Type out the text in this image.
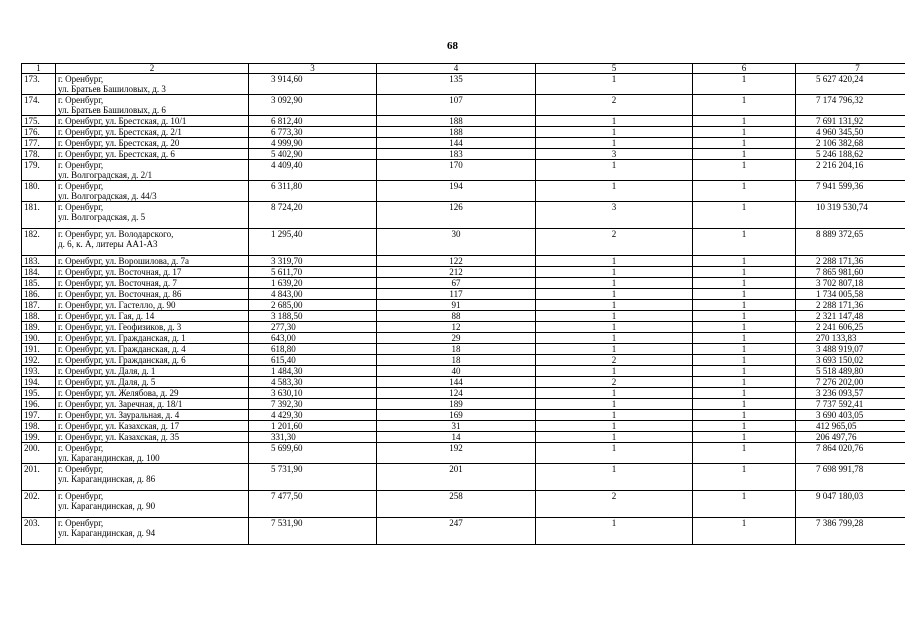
68
1	2	3	4	5	6	7
173.	г. Оренбург,
ул. Братьев Башиловых, д. 3	3 914,60	135	1	1	5 627 420,24
174.	г. Оренбург,
ул. Братьев Башиловых, д. 6	3 092,90	107	2	1	7 174 796,32
175.	г. Оренбург, ул. Брестская, д. 10/1	6 812,40	188	1	1	7 691 131,92
176.	г. Оренбург, ул. Брестская, д. 2/1	6 773,30	188	1	1	4 960 345,50
177.	г. Оренбург, ул. Брестская, д. 20	4 999,90	144	1	1	2 106 382,68
178.	г. Оренбург, ул. Брестская, д. 6	5 402,90	183	3	1	5 246 188,62
179.	г. Оренбург,
ул. Волгоградская, д. 2/1	4 409,40	170	1	1	2 216 204,16
180.	г. Оренбург,
ул. Волгоградская, д. 44/3	6 311,80	194	1	1	7 941 599,36
181.	г. Оренбург,
ул. Волгоградская, д. 5	8 724,20	126	3	1	10 319 530,74
182.	г. Оренбург, ул. Володарского,
д. 6, к. А, литеры АА1-А3	1 295,40	30	2	1	8 889 372,65
183.	г. Оренбург, ул. Ворошилова, д. 7а	3 319,70	122	1	1	2 288 171,36
184.	г. Оренбург, ул. Восточная, д. 17	5 611,70	212	1	1	7 865 981,60
185.	г. Оренбург, ул. Восточная, д. 7	1 639,20	67	1	1	3 702 807,18
186.	г. Оренбург, ул. Восточная, д. 86	4 843,00	117	1	1	1 734 005,58
187.	г. Оренбург, ул. Гастелло, д. 90	2 685,00	91	1	1	2 288 171,36
188.	г. Оренбург, ул. Гая, д. 14	3 188,50	88	1	1	2 321 147,48
189.	г. Оренбург, ул. Геофизиков, д. 3	277,30	12	1	1	2 241 606,25
190.	г. Оренбург, ул. Гражданская, д. 1	643,00	29	1	1	270 133,83
191.	г. Оренбург, ул. Гражданская, д. 4	618,80	18	1	1	3 488 919,07
192.	г. Оренбург, ул. Гражданская, д. 6	615,40	18	2	1	3 693 150,02
193.	г. Оренбург, ул. Даля, д. 1	1 484,30	40	1	1	5 518 489,80
194.	г. Оренбург, ул. Даля, д. 5	4 583,30	144	2	1	7 276 202,00
195.	г. Оренбург, ул. Желябова, д. 29	3 630,10	124	1	1	3 236 093,57
196.	г. Оренбург, ул. Заречная, д. 18/1	7 392,30	189	1	1	7 737 592,41
197.	г. Оренбург, ул. Зауральная, д. 4	4 429,30	169	1	1	3 690 403,05
198.	г. Оренбург, ул. Казахская, д. 17	1 201,60	31	1	1	412 965,05
199.	г. Оренбург, ул. Казахская, д. 35	331,30	14	1	1	206 497,76
200.	г. Оренбург,
ул. Карагандинская, д. 100	5 699,60	192	1	1	7 864 020,76
201.	г. Оренбург,
ул. Карагандинская, д. 86	5 731,90	201	1	1	7 698 991,78
202.	г. Оренбург,
ул. Карагандинская, д. 90	7 477,50	258	2	1	9 047 180,03
203.	г. Оренбург,
ул. Карагандинская, д. 94	7 531,90	247	1	1	7 386 799,28
